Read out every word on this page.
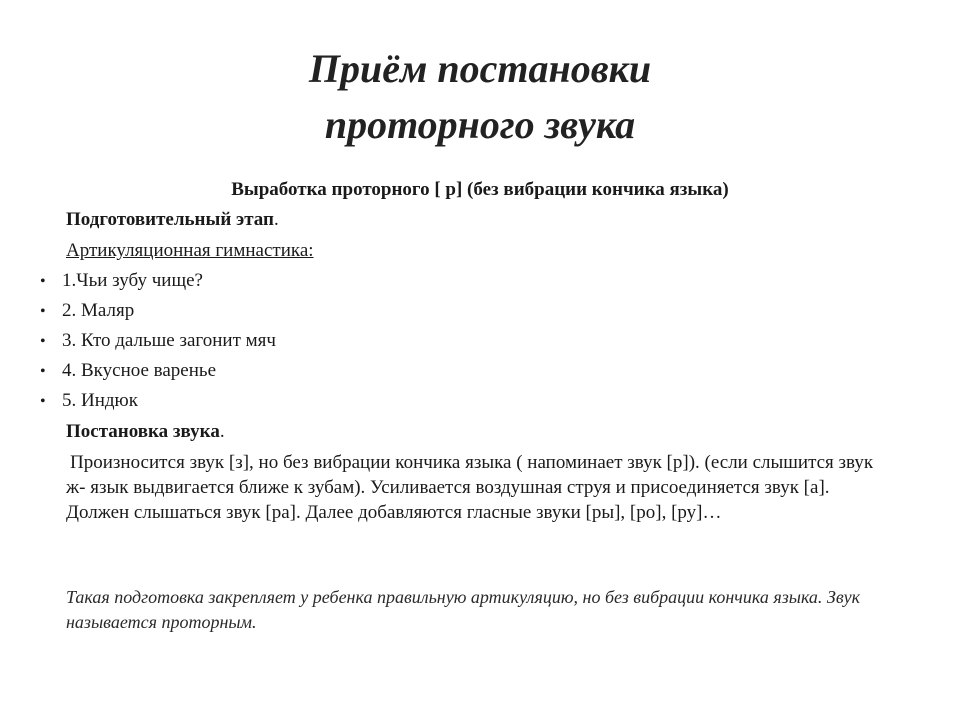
Приём постановки
проторного звука
Выработка проторного [ р] (без вибрации кончика языка)
Подготовительный этап.
Артикуляционная гимнастика:
• 1.Чьи зубу чище?
• 2. Маляр
• 3. Кто дальше загонит мяч
• 4. Вкусное варенье
• 5. Индюк
Постановка звука.
Произносится звук [з], но без вибрации кончика языка ( напоминает звук [р]). (если слышится звук ж- язык выдвигается ближе к зубам). Усиливается воздушная струя и присоединяется звук [а]. Должен слышаться звук [ра]. Далее добавляются гласные звуки [ры], [ро], [ру]…
Такая подготовка закрепляет у ребенка правильную артикуляцию, но без вибрации кончика языка. Звук называется проторным.
